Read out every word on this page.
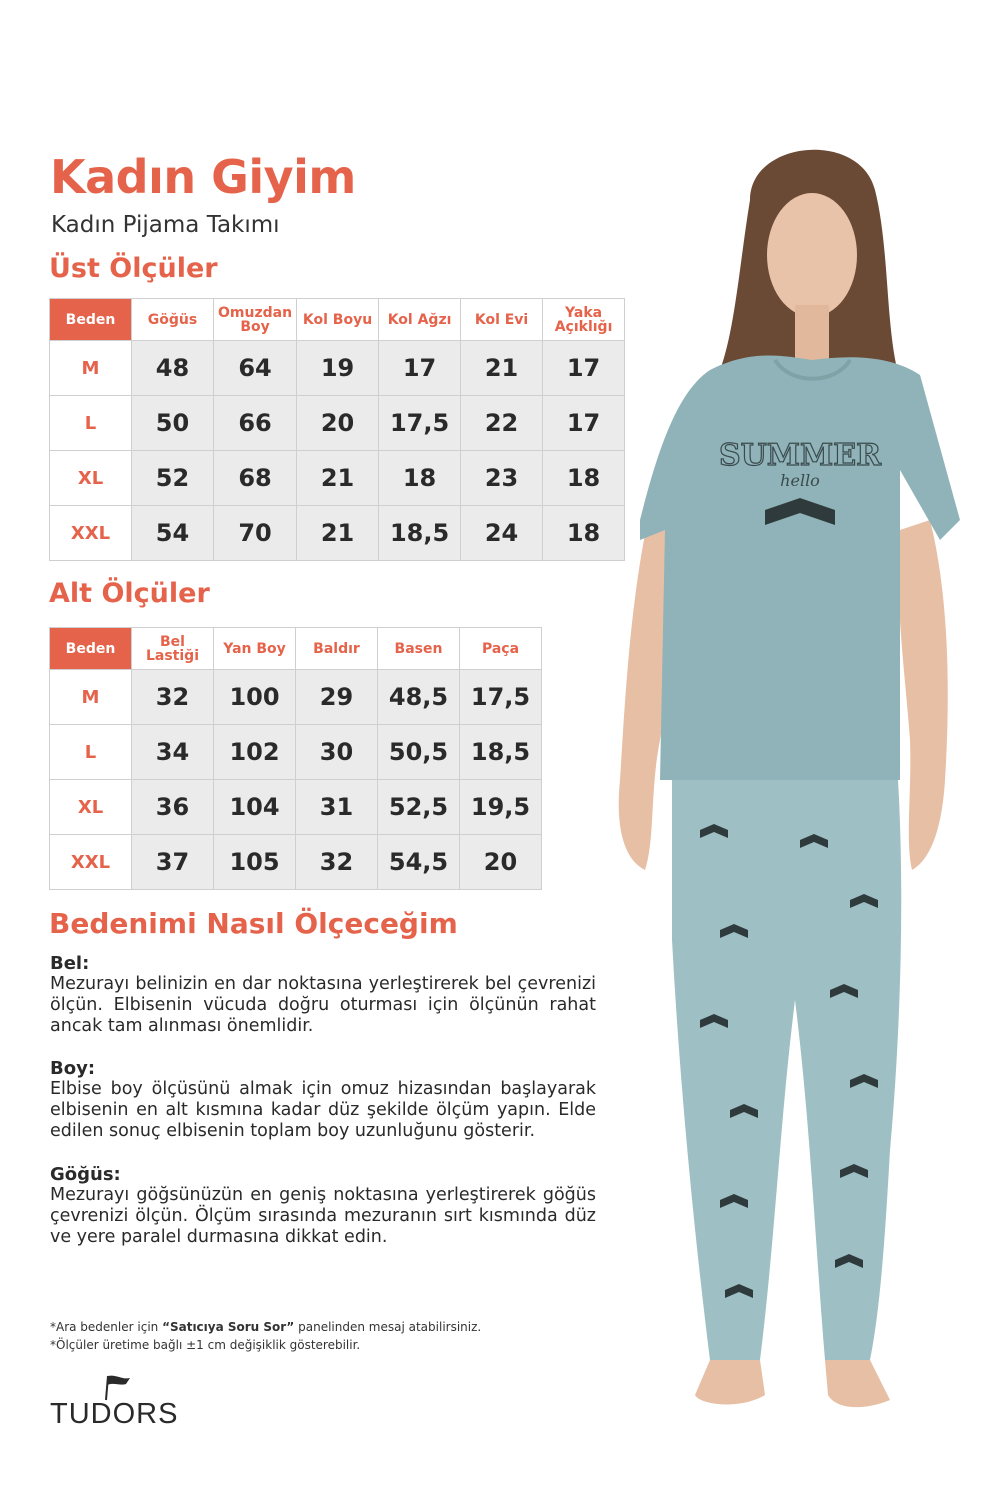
Kadın Giyim
Kadın Pijama Takımı
Üst Ölçüler
Beden	Göğüs	Omuzdan Boy	Kol Boyu	Kol Ağzı	Kol Evi	Yaka Açıklığı
M	48	64	19	17	21	17
L	50	66	20	17,5	22	17
XL	52	68	21	18	23	18
XXL	54	70	21	18,5	24	18
Alt Ölçüler
Beden	Bel Lastiği	Yan Boy	Baldır	Basen	Paça
M	32	100	29	48,5	17,5
L	34	102	30	50,5	18,5
XL	36	104	31	52,5	19,5
XXL	37	105	32	54,5	20
Bedenimi Nasıl Ölçeceğim
Bel:
Mezurayı belinizin en dar noktasına yerleştirerek bel çevrenizi ölçün. Elbisenin vücuda doğru oturması için ölçünün rahat ancak tam alınması önemlidir.
Boy:
Elbise boy ölçüsünü almak için omuz hizasından başlayarak elbisenin en alt kısmına kadar düz şekilde ölçüm yapın. Elde edilen sonuç elbisenin toplam boy uzunluğunu gösterir.
Göğüs:
Mezurayı göğsünüzün en geniş noktasına yerleştirerek göğüs çevrenizi ölçün. Ölçüm sırasında mezuranın sırt kısmında düz ve yere paralel durmasına dikkat edin.
*Ara bedenler için “Satıcıya Soru Sor” panelinden mesaj atabilirsiniz.
*Ölçüler üretime bağlı ±1 cm değişiklik gösterebilir.
TUDORS
SUMMER
hello
